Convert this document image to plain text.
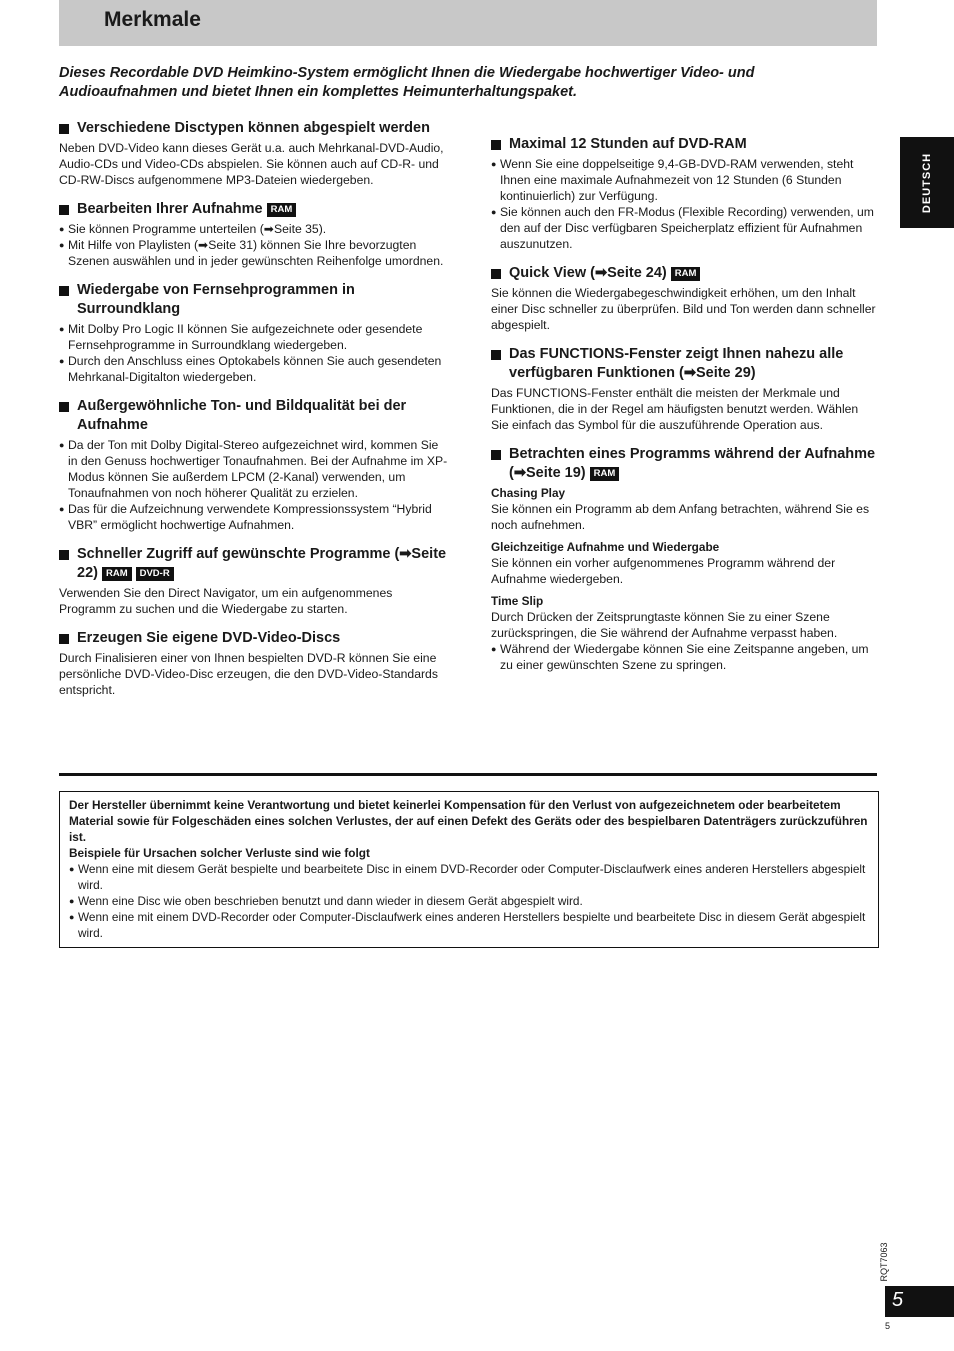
Merkmale
Dieses Recordable DVD Heimkino-System ermöglicht Ihnen die Wiedergabe hochwertiger Video- und Audioaufnahmen und bietet Ihnen ein komplettes Heimunterhaltungspaket.
DEUTSCH
Verschiedene Disctypen können abgespielt werden

Neben DVD-Video kann dieses Gerät u.a. auch Mehrkanal-DVD-Audio, Audio-CDs und Video-CDs abspielen. Sie können auch auf CD-R- und CD-RW-Discs aufgenommene MP3-Dateien wiedergeben.

Bearbeiten Ihrer Aufnahme RAM
● Sie können Programme unterteilen (➡Seite 35).
● Mit Hilfe von Playlisten (➡Seite 31) können Sie Ihre bevorzugten Szenen auswählen und in jeder gewünschten Reihenfolge umordnen.
Wiedergabe von Fernsehprogrammen in Surroundklang
● Mit Dolby Pro Logic II können Sie aufgezeichnete oder gesendete Fernsehprogramme in Surroundklang wiedergeben.
● Durch den Anschluss eines Optokabels können Sie auch gesendeten Mehrkanal-Digitalton wiedergeben.
Außergewöhnliche Ton- und Bildqualität bei der Aufnahme
● Da der Ton mit Dolby Digital-Stereo aufgezeichnet wird, kommen Sie in den Genuss hochwertiger Tonaufnahmen. Bei der Aufnahme im XP-Modus können Sie außerdem LPCM (2-Kanal) verwenden, um Tonaufnahmen von noch höherer Qualität zu erzielen.
● Das für die Aufzeichnung verwendete Kompressionssystem “Hybrid VBR” ermöglicht hochwertige Aufnahmen.
Schneller Zugriff auf gewünschte Programme (➡Seite 22) RAM DVD-R

Verwenden Sie den Direct Navigator, um ein aufgenommenes Programm zu suchen und die Wiedergabe zu starten.

Erzeugen Sie eigene DVD-Video-Discs

Durch Finalisieren einer von Ihnen bespielten DVD-R können Sie eine persönliche DVD-Video-Disc erzeugen, die den DVD-Video-Standards entspricht.

Maximal 12 Stunden auf DVD-RAM
● Wenn Sie eine doppelseitige 9,4-GB-DVD-RAM verwenden, steht Ihnen eine maximale Aufnahmezeit von 12 Stunden (6 Stunden kontinuierlich) zur Verfügung.
● Sie können auch den FR-Modus (Flexible Recording) verwenden, um den auf der Disc verfügbaren Speicherplatz effizient für Aufnahmen auszunutzen.
Quick View (➡Seite 24) RAM

Sie können die Wiedergabegeschwindigkeit erhöhen, um den Inhalt einer Disc schneller zu überprüfen. Bild und Ton werden dann schneller abgespielt.

Das FUNCTIONS-Fenster zeigt Ihnen nahezu alle verfügbaren Funktionen (➡Seite 29)

Das FUNCTIONS-Fenster enthält die meisten der Merkmale und Funktionen, die in der Regel am häufigsten benutzt werden. Wählen Sie einfach das Symbol für die auszuführende Operation aus.

Betrachten eines Programms während der Aufnahme (➡Seite 19) RAM

Chasing Play

Sie können ein Programm ab dem Anfang betrachten, während Sie es noch aufnehmen.

Gleichzeitige Aufnahme und Wiedergabe

Sie können ein vorher aufgenommenes Programm während der Aufnahme wiedergeben.

Time Slip

Durch Drücken der Zeitsprungtaste können Sie zu einer Szene zurückspringen, die Sie während der Aufnahme verpasst haben.

● Während der Wiedergabe können Sie eine Zeitspanne angeben, um zu einer gewünschten Szene zu springen.

Der Hersteller übernimmt keine Verantwortung und bietet keinerlei Kompensation für den Verlust von aufgezeichnetem oder bearbeitetem Material sowie für Folgeschäden eines solchen Verlustes, der auf einen Defekt des Geräts oder des bespielbaren Datenträgers zurückzuführen ist.

Beispiele für Ursachen solcher Verluste sind wie folgt

● Wenn eine mit diesem Gerät bespielte und bearbeitete Disc in einem DVD-Recorder oder Computer-Disclaufwerk eines anderen Herstellers abgespielt wird.
● Wenn eine Disc wie oben beschrieben benutzt und dann wieder in diesem Gerät abgespielt wird.
● Wenn eine mit einem DVD-Recorder oder Computer-Disclaufwerk eines anderen Herstellers bespielte und bearbeitete Disc in diesem Gerät abgespielt wird.
RQT7063
5
5
